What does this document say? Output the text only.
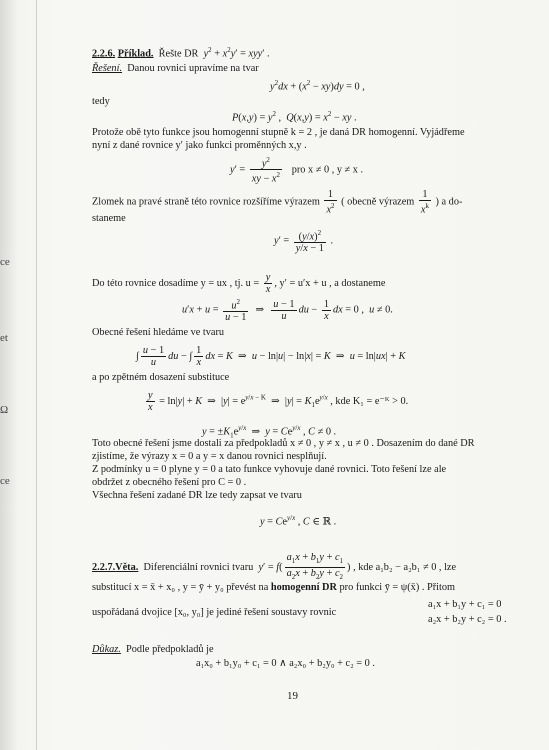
ce
et
Ω
ce
2.2.6. Příklad. Řešte DR $y^2 + x^2y' = xyy'$ .
Řešení. Danou rovnici upravíme na tvar
$y^2dx + (x^2 - xy)dy = 0$ ,
tedy
$P(x,y) = y^2$ ,  $Q(x,y) = x^2$ − xy .
Protože obě tyto funkce jsou homogenní stupně k = 2 , je daná DR homogenní. Vyjádřeme
nyní z dané rovnice y′ jako funkci proměnných x,y .
$y' = \frac{y^2}{xy - x^2}$ pro x ≠ 0 , y ≠ x .
Zlomek na pravé straně této rovnice rozšíříme výrazem $\frac{1}{x^2}$ ( obecně výrazem $\frac{1}{x^k}$ ) a do-
staneme
$y' = \frac{(y/x)^2}{y/x - 1}$ .
Do této rovnice dosadíme y = ux , tj. $u = \frac{y}{x}$ , y′ = u′x + u , a dostaneme
$u'x + u = \frac{u^2}{u - 1}$ ⇒ $\frac{u - 1}{u}$ du − $\frac{1}{x}$ dx = 0 ,  u ≠ 0.
Obecné řešení hledáme ve tvaru
∫ $\frac{u - 1}{u}$ du − ∫ $\frac{1}{x}$ dx = K  ⇒  u − ln|u| − ln|x| = K  ⇒  u = ln|ux| + K
a po zpětném dosazení substituce
$\frac{y}{x} = \ln|y| + K$  ⇒  $|y| = e^{y/x - K}$  ⇒  $|y| = K_1e^{y/x}$ , kde K₁ = e⁻ᴷ > 0.
$y = \pm K_1e^{y/x}$  ⇒  $y = Ce^{y/x}$ , C ≠ 0 .
Toto obecné řešení jsme dostali za předpokladů x ≠ 0 , y ≠ x , u ≠ 0 . Dosazením do dané DR
zjistíme, že výrazy x = 0 a y = x danou rovnici nesplňují.
Z podmínky u = 0 plyne y = 0 a tato funkce vyhovuje dané rovnici. Toto řešení lze ale
obdržet z obecného řešení pro C = 0 .
Všechna řešení zadané DR lze tedy zapsat ve tvaru
$y = Ce^{y/x}$ , C ∈ ℝ .
2.2.7.Věta. Diferenciální rovnici tvaru $y' = f( \frac{a_1x + b_1y + c_1}{a_2x + b_2y + c_2}$ ) , kde a₁b₂ − a₂b₁ ≠ 0 , lze
substitucí x = x̄ + x₀ , y = ȳ + y₀ převést na homogenní DR pro funkci ȳ = ψ(x̄) . Přitom
uspořádaná dvojice [x₀, y₀] je jediné řešení soustavy rovnic
a₁x + b₁y + c₁ = 0
a₂x + b₂y + c₂ = 0 .
Důkaz. Podle předpokladů je
a₁x₀ + b₁y₀ + c₁ = 0 ∧ a₂x₀ + b₂y₀ + c₂ = 0 .
19
